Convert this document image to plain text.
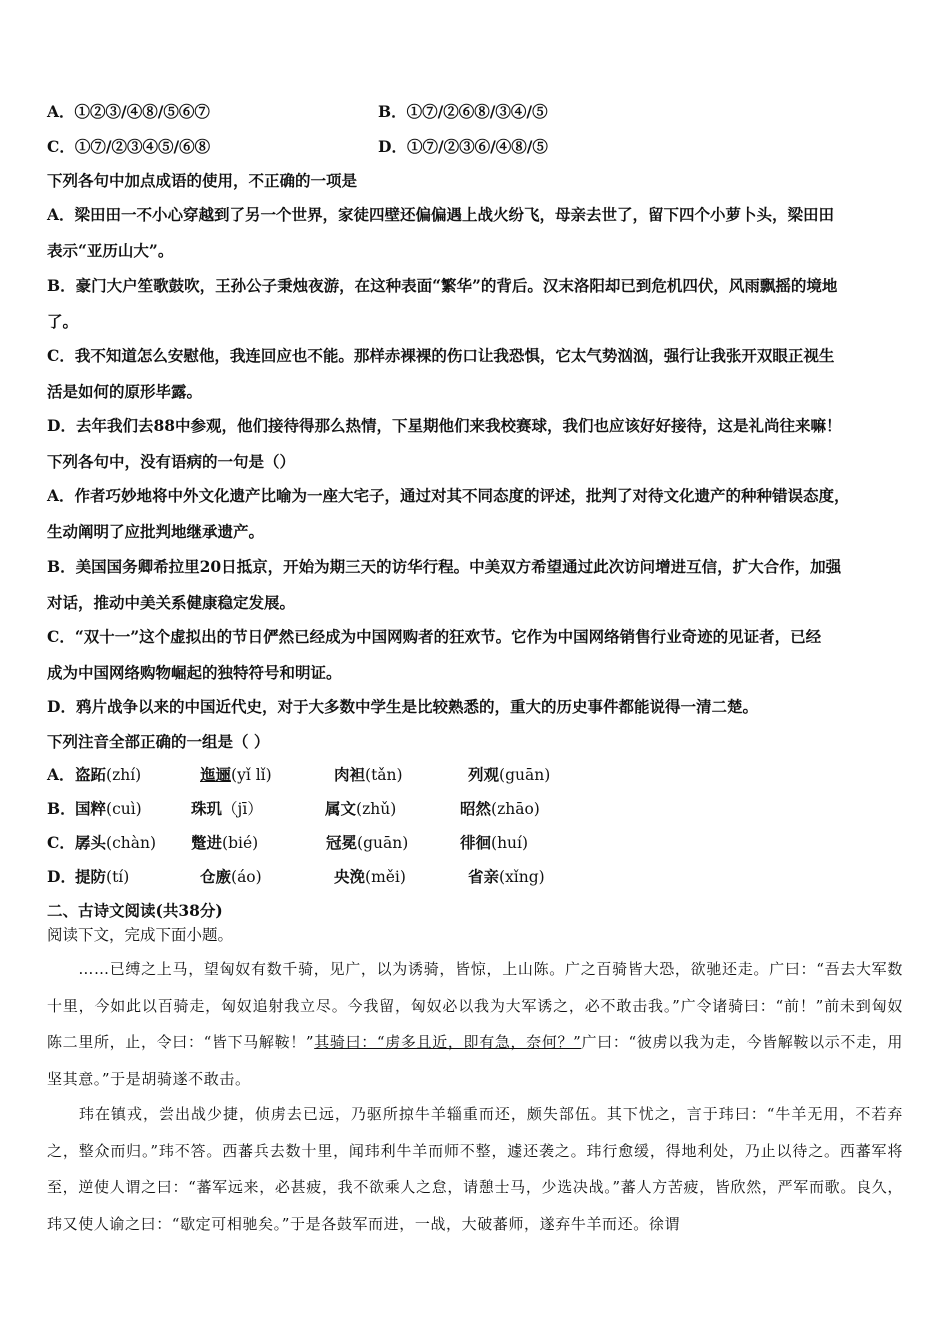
A．①②③/④⑧/⑤⑥⑦	B．①⑦/②⑥⑧/③④/⑤
C．①⑦/②③④⑤/⑥⑧	D．①⑦/②③⑥/④⑧/⑤
下列各句中加点成语的使用，不正确的一项是
A．梁田田一不小心穿越到了另一个世界，家徒四壁还偏偏遇上战火纷飞，母亲去世了，留下四个小萝卜头，梁田田
表示“亚历山大”。
B．豪门大户笙歌鼓吹，王孙公子秉烛夜游，在这种表面“繁华”的背后。汉末洛阳却已到危机四伏，风雨飘摇的境地
了。
C．我不知道怎么安慰他，我连回应也不能。那样赤裸裸的伤口让我恐惧，它太气势汹汹，强行让我张开双眼正视生
活是如何的原形毕露。
D．去年我们去88中参观，他们接待得那么热情，下星期他们来我校赛球，我们也应该好好接待，这是礼尚往来嘛！
下列各句中，没有语病的一句是（）
A．作者巧妙地将中外文化遗产比喻为一座大宅子，通过对其不同态度的评述，批判了对待文化遗产的种种错误态度，
生动阐明了应批判地继承遗产。
B．美国国务卿希拉里20日抵京，开始为期三天的访华行程。中美双方希望通过此次访问增进互信，扩大合作，加强
对话，推动中美关系健康稳定发展。
C．“双十一”这个虚拟出的节日俨然已经成为中国网购者的狂欢节。它作为中国网络销售行业奇迹的见证者，已经
成为中国网络购物崛起的独特符号和明证。
D．鸦片战争以来的中国近代史，对于大多数中学生是比较熟悉的，重大的历史事件都能说得一清二楚。
下列注音全部正确的一组是（ ）
A． 盗跖(zhí)	迤逦(yǐ lǐ)	肉袒(tǎn)	列观(guān)
B． 国粹(cuì)	珠玑（jī）	属文(zhǔ)	昭然(zhāo)
C． 孱头(chàn) 蹩进(bié)	冠冕(guān)	徘徊(huí)
D． 提防(tí)	仓廒(áo)	央浼(měi)	省亲(xǐng)
二、古诗文阅读(共38分)
阅读下文，完成下面小题。
　　……已缚之上马，望匈奴有数千骑，见广，以为诱骑，皆惊，上山陈。广之百骑皆大恐，欲驰还走。广曰：“吾去大军数十里，今如此以百骑走，匈奴追射我立尽。今我留，匈奴必以我为大军诱之，必不敢击我。”广令诸骑曰：“前！”前未到匈奴陈二里所，止，令曰：“皆下马解鞍！”其骑曰：“虏多且近，即有急，奈何？”广曰：“彼虏以我为走，今皆解鞍以示不走，用坚其意。”于是胡骑遂不敢击。
　　玮在镇戎，尝出战少捷，侦虏去已远，乃驱所掠牛羊辎重而还，颇失部伍。其下忧之，言于玮曰：“牛羊无用，不若弃之，整众而归。”玮不答。西蕃兵去数十里，闻玮利牛羊而师不整，遽还袭之。玮行愈缓，得地利处，乃止以待之。西蕃军将至，逆使人谓之曰：“蕃军远来，必甚疲，我不欲乘人之怠，请憩士马，少选决战。”蕃人方苦疲，皆欣然，严军而歌。良久，玮又使人谕之曰：“歇定可相驰矣。”于是各鼓军而进，一战，大破蕃师，遂弃牛羊而还。徐谓
